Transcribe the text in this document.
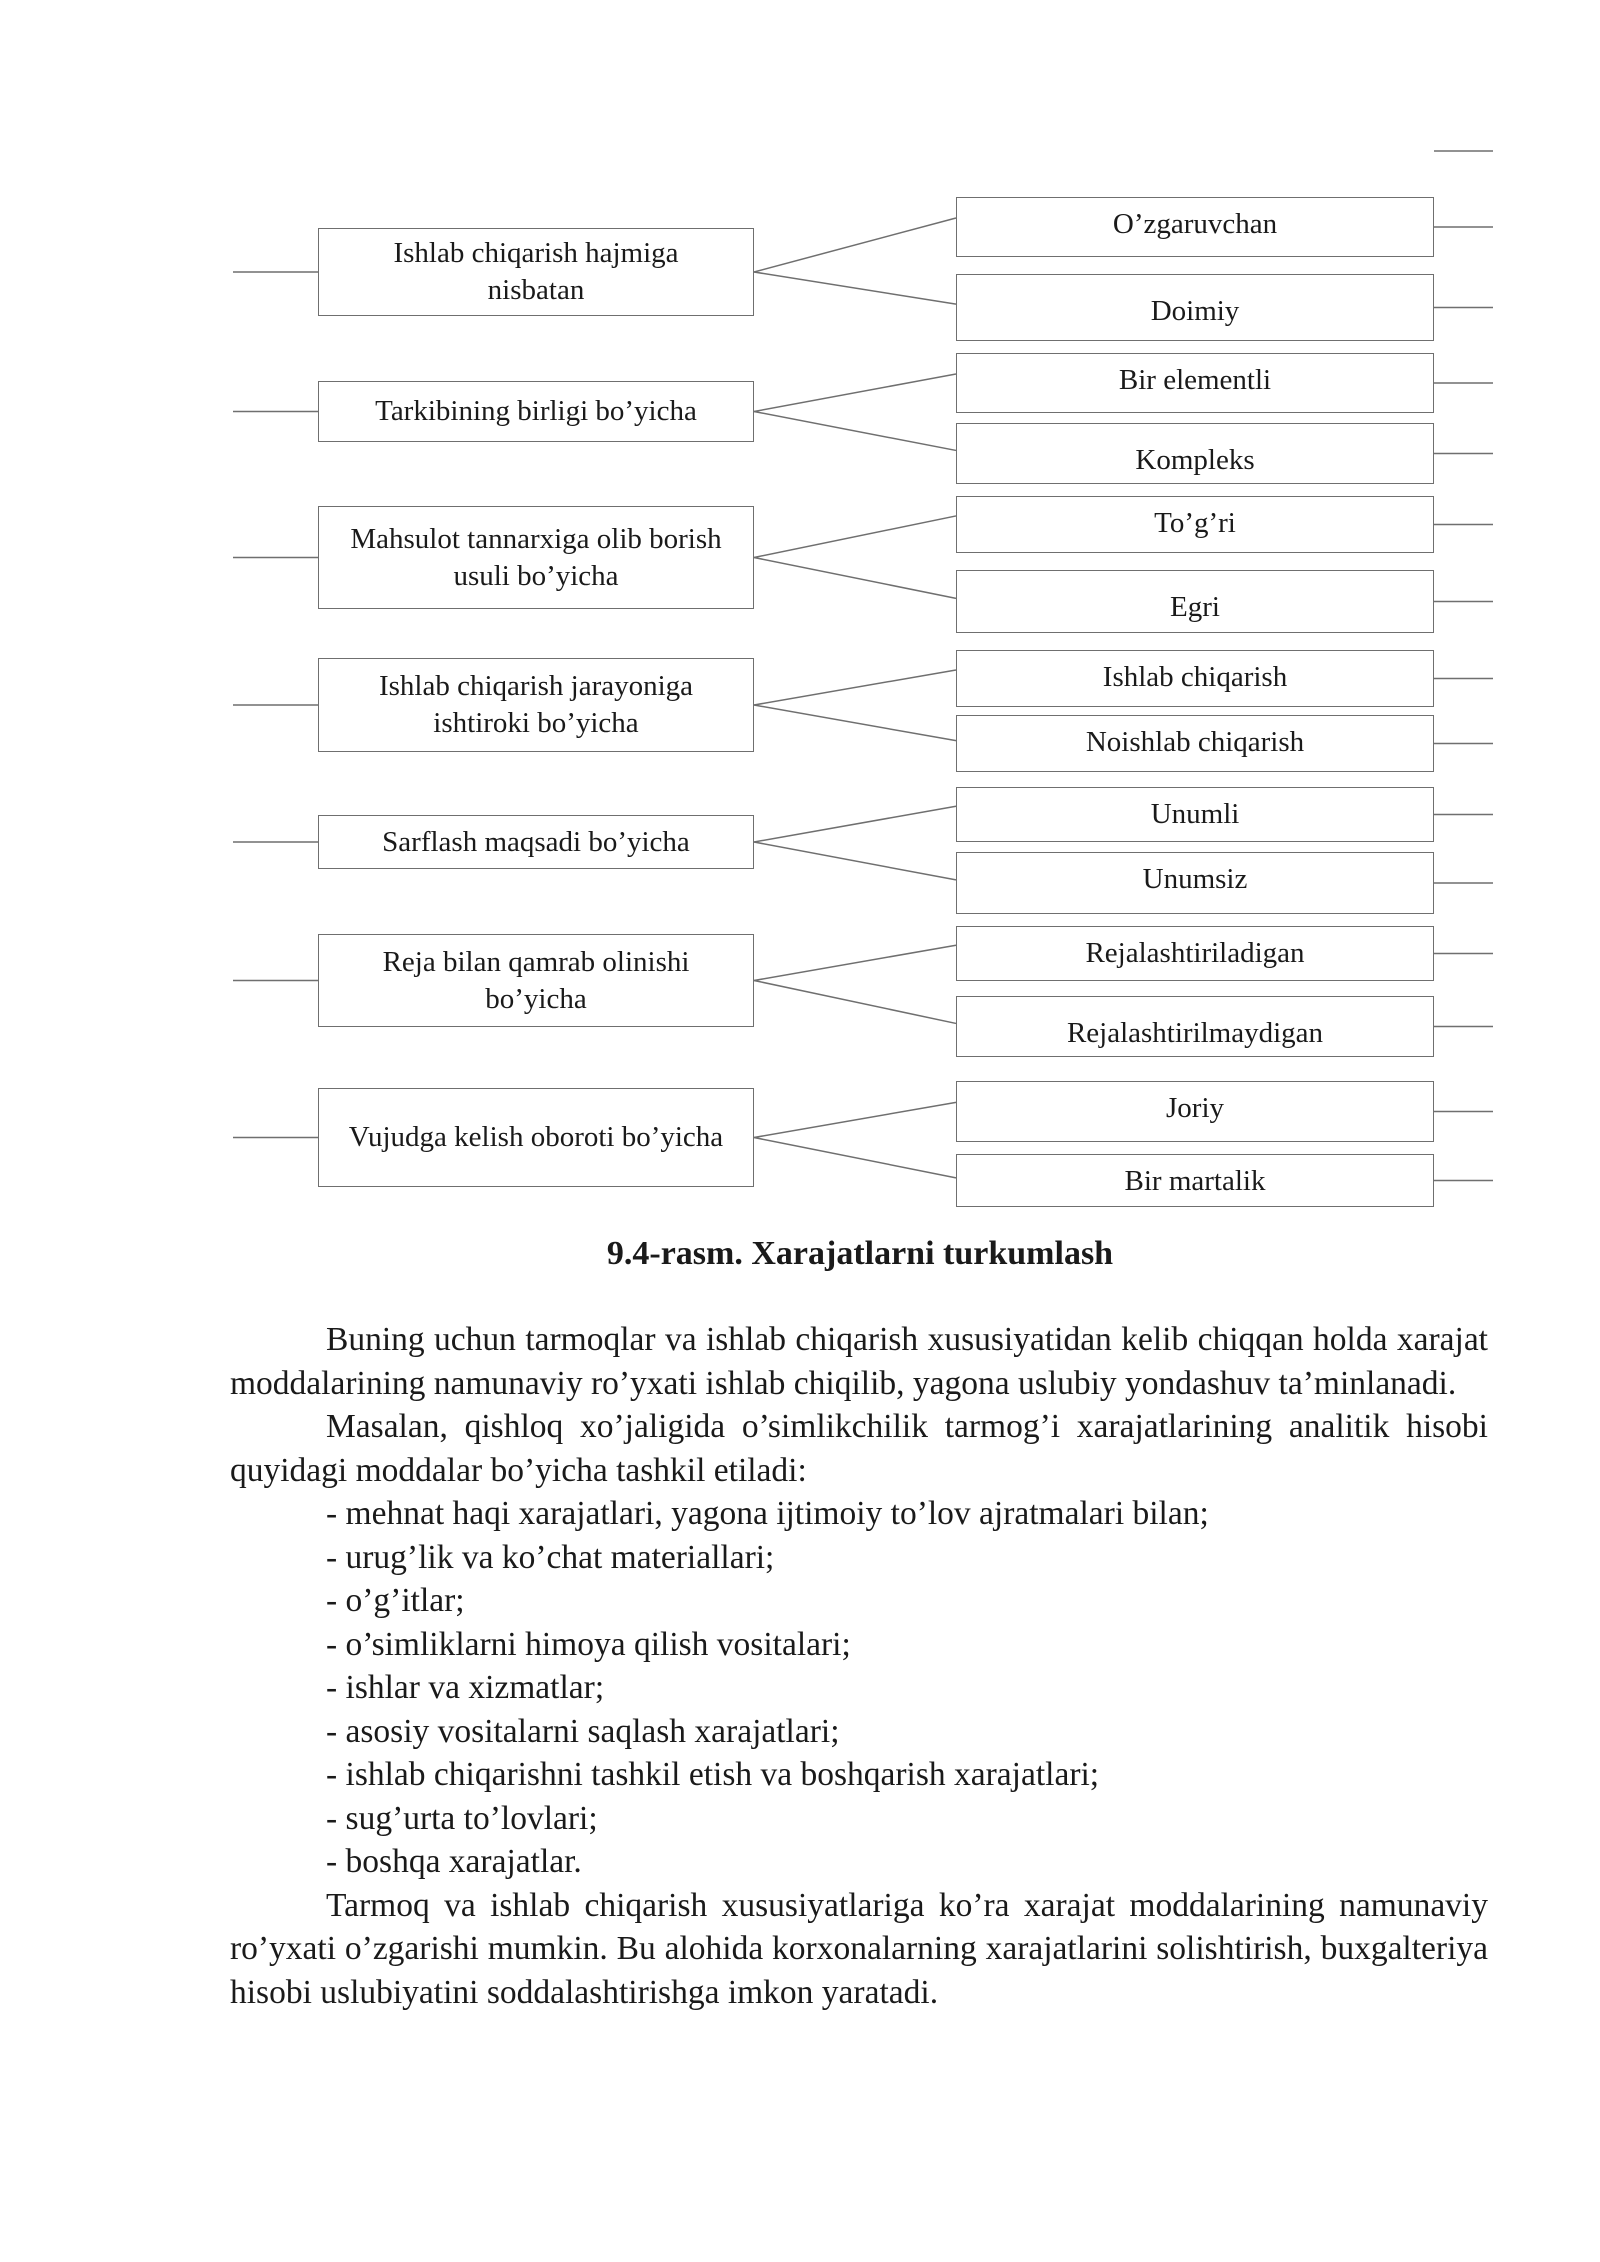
Ishlab chiqarish hajmiga nisbatan
O’zgaruvchan
Doimiy
Tarkibining birligi bo’yicha
Bir elementli
Kompleks
Mahsulot tannarxiga olib borish usuli bo’yicha
To’g’ri
Egri
Ishlab chiqarish jarayoniga ishtiroki bo’yicha
Ishlab chiqarish
Noishlab chiqarish
Sarflash maqsadi bo’yicha
Unumli
Unumsiz
Reja bilan qamrab olinishi bo’yicha
Rejalashtiriladigan
Rejalashtirilmaydigan
Vujudga kelish oboroti bo’yicha
Joriy
Bir martalik
9.4-rasm. Xarajatlarni turkumlash

Buning uchun tarmoqlar va ishlab chiqarish xususiyatidan kelib chiqqan holda xarajat moddalarining namunaviy ro’yxati ishlab chiqilib, yagona uslubiy yondashuv ta’minlanadi.

Masalan, qishloq xo’jaligida o’simlikchilik tarmog’i xarajatlarining analitik hisobi quyidagi moddalar bo’yicha tashkil etiladi:

- mehnat haqi xarajatlari, yagona ijtimoiy to’lov ajratmalari bilan;

- urug’lik va ko’chat materiallari;

- o’g’itlar;

- o’simliklarni himoya qilish vositalari;

- ishlar va xizmatlar;

- asosiy vositalarni saqlash xarajatlari;

- ishlab chiqarishni tashkil etish va boshqarish xarajatlari;

- sug’urta to’lovlari;

- boshqa xarajatlar.

Tarmoq va ishlab chiqarish xususiyatlariga ko’ra xarajat moddalarining namunaviy ro’yxati o’zgarishi mumkin. Bu alohida korxonalarning xarajatlarini solishtirish, buxgalteriya hisobi uslubiyatini soddalashtirishga imkon yaratadi.
